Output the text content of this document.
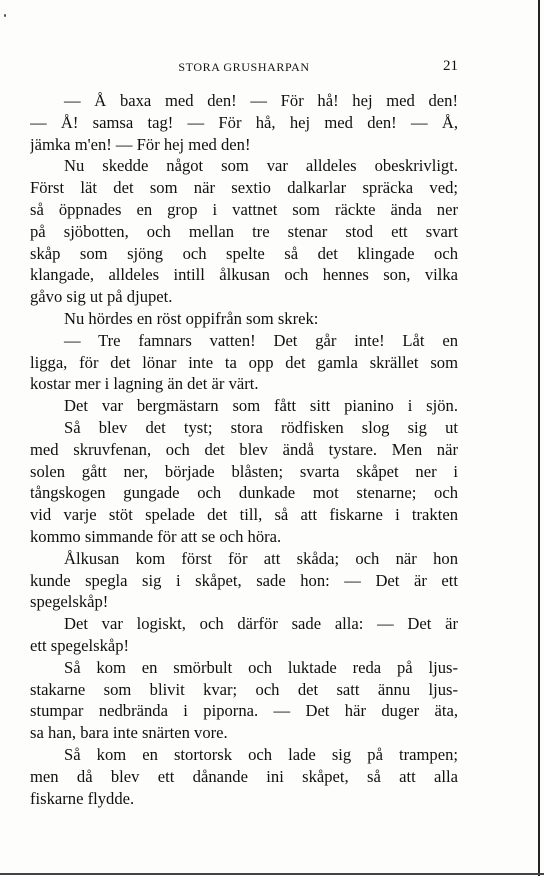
STORA GRUSHARPAN	21
— Å baxa med den! — För hå! hej med den!
— Å! samsa tag! — För hå, hej med den! — Å,
jämka m'en! — För hej med den!
Nu skedde något som var alldeles obeskrivligt.
Först lät det som när sextio dalkarlar spräcka ved;
så öppnades en grop i vattnet som räckte ända ner
på sjöbotten, och mellan tre stenar stod ett svart
skåp som sjöng och spelte så det klingade och
klangade, alldeles intill ålkusan och hennes son, vilka
gåvo sig ut på djupet.
Nu hördes en röst oppifrån som skrek:
— Tre famnars vatten! Det går inte! Låt en
ligga, för det lönar inte ta opp det gamla skrället som
kostar mer i lagning än det är värt.
Det var bergmästarn som fått sitt pianino i sjön.
Så blev det tyst; stora rödfisken slog sig ut
med skruvfenan, och det blev ändå tystare. Men när
solen gått ner, började blåsten; svarta skåpet ner i
tångskogen gungade och dunkade mot stenarne; och
vid varje stöt spelade det till, så att fiskarne i trakten
kommo simmande för att se och höra.
Ålkusan kom först för att skåda; och när hon
kunde spegla sig i skåpet, sade hon: — Det är ett
spegelskåp!
Det var logiskt, och därför sade alla: — Det är
ett spegelskåp!
Så kom en smörbult och luktade reda på ljus-
stakarne som blivit kvar; och det satt ännu ljus-
stumpar nedbrända i piporna. — Det här duger äta,
sa han, bara inte snärten vore.
Så kom en stortorsk och lade sig på trampen;
men då blev ett dånande ini skåpet, så att alla
fiskarne flydde.
